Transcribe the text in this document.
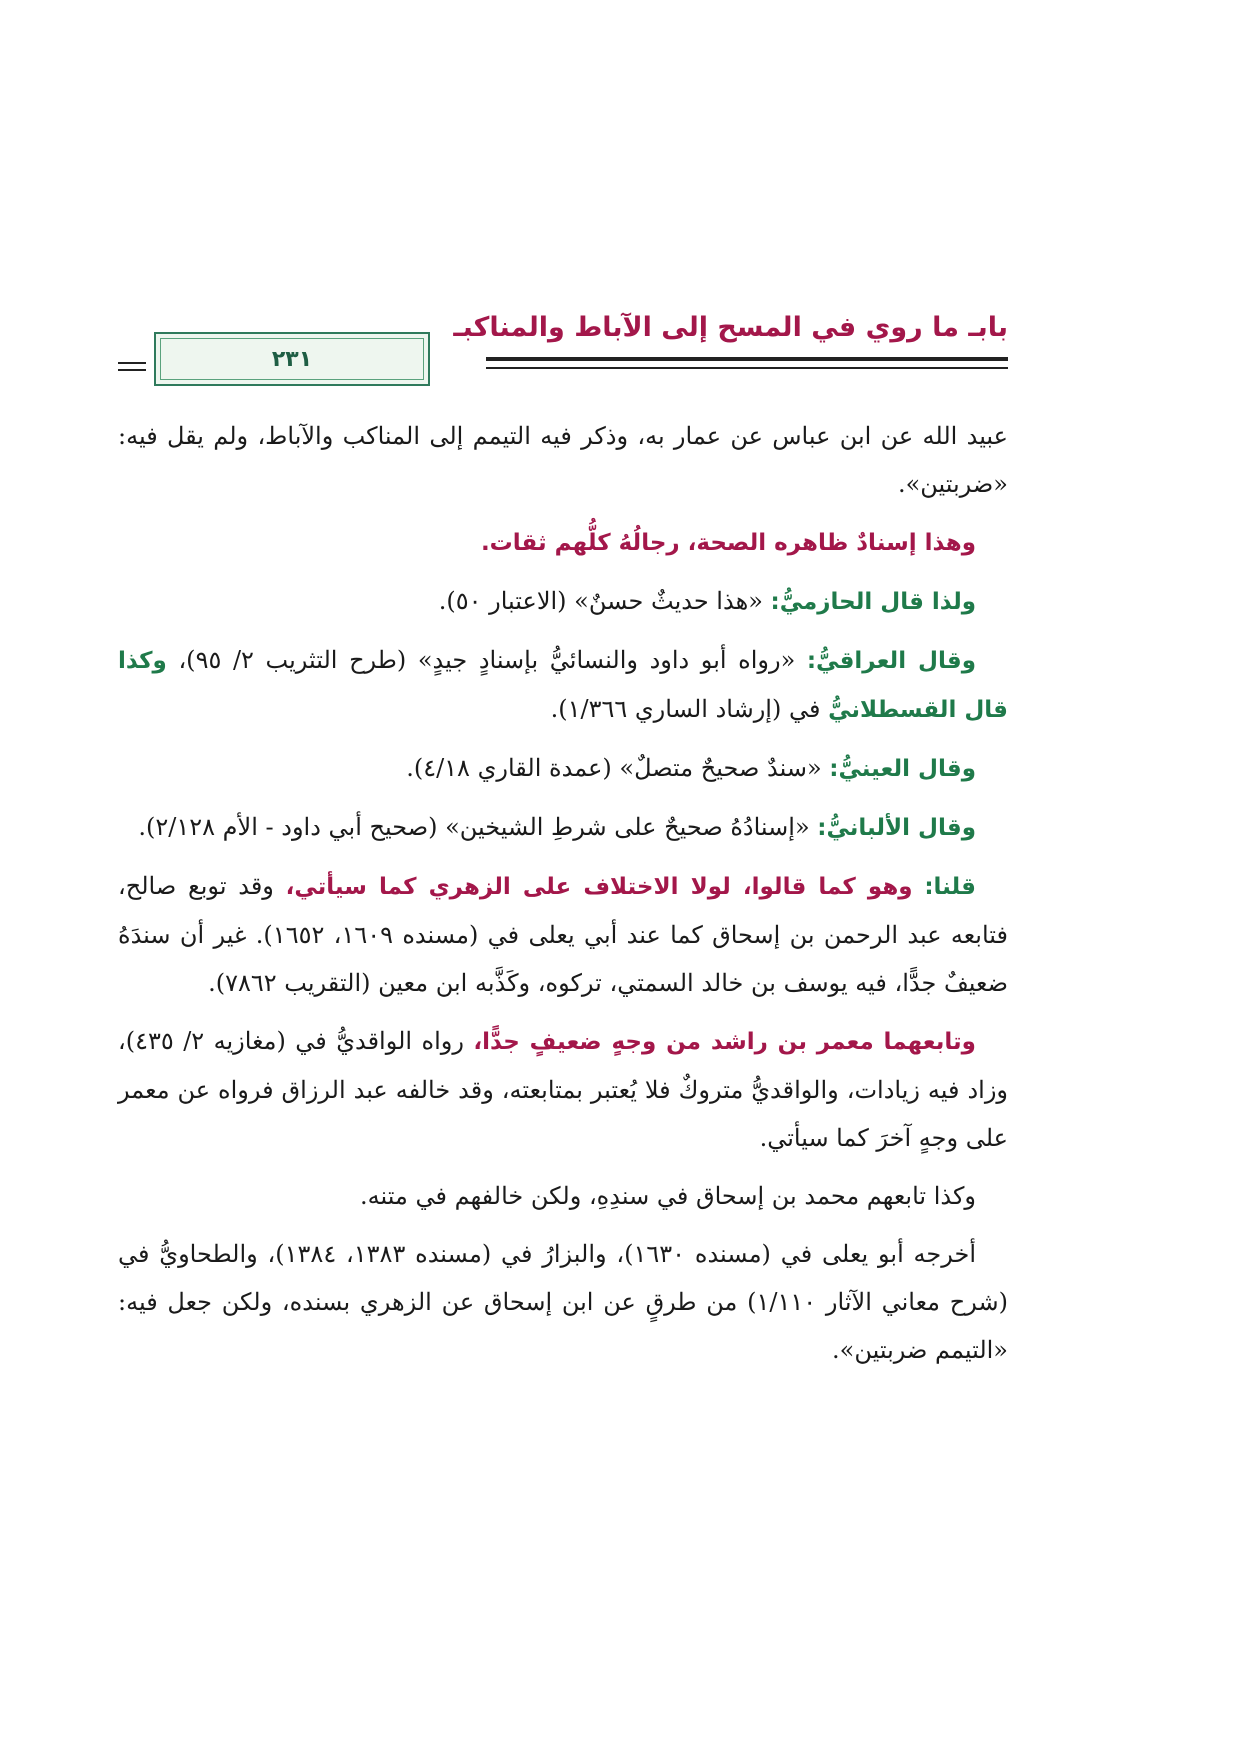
بابـ ما روي في المسح إلى الآباط والمناكبـ
٢٣١

عبيد الله عن ابن عباس عن عمار به، وذكر فيه التيمم إلى المناكب والآباط، ولم يقل فيه: «ضربتين».

وهذا إسنادٌ ظاهره الصحة، رجالُهُ كلُّهم ثقات.

ولذا قال الحازميُّ: «هذا حديثٌ حسنٌ» (الاعتبار ٥٠).

وقال العراقيُّ: «رواه أبو داود والنسائيُّ بإسنادٍ جيدٍ» (طرح التثريب ٢/ ٩٥)، وكذا قال القسطلانيُّ في (إرشاد الساري ١/٣٦٦).

وقال العينيُّ: «سندٌ صحيحٌ متصلٌ» (عمدة القاري ٤/١٨).

وقال الألبانيُّ: «إسنادُهُ صحيحٌ على شرطِ الشيخين» (صحيح أبي داود - الأم ٢/١٢٨).

قلنا: وهو كما قالوا، لولا الاختلاف على الزهري كما سيأتي، وقد توبع صالح، فتابعه عبد الرحمن بن إسحاق كما عند أبي يعلى في (مسنده ١٦٠٩، ١٦٥٢). غير أن سندَهُ ضعيفٌ جدًّا، فيه يوسف بن خالد السمتي، تركوه، وكَذَّبه ابن معين (التقريب ٧٨٦٢).

وتابعهما معمر بن راشد من وجهٍ ضعيفٍ جدًّا، رواه الواقديُّ في (مغازيه ٢/ ٤٣٥)، وزاد فيه زيادات، والواقديُّ متروكٌ فلا يُعتبر بمتابعته، وقد خالفه عبد الرزاق فرواه عن معمر على وجهٍ آخرَ كما سيأتي.

وكذا تابعهم محمد بن إسحاق في سندِهِ، ولكن خالفهم في متنه.

أخرجه أبو يعلى في (مسنده ١٦٣٠)، والبزارُ في (مسنده ١٣٨٣، ١٣٨٤)، والطحاويُّ في (شرح معاني الآثار ١/١١٠) من طرقٍ عن ابن إسحاق عن الزهري بسنده، ولكن جعل فيه: «التيمم ضربتين».
